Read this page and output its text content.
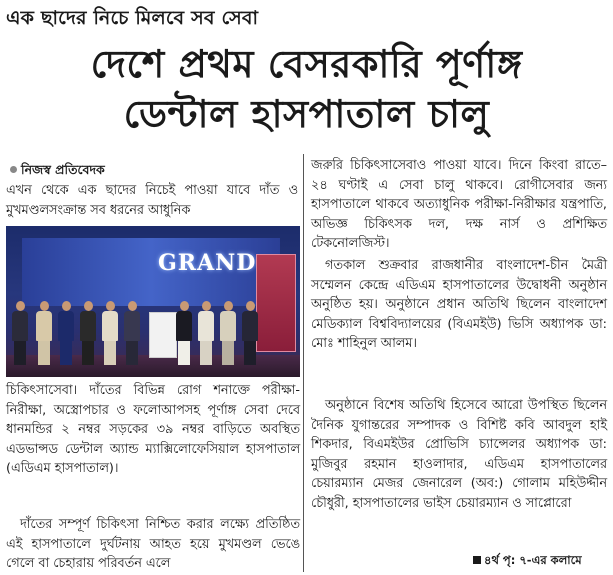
এক ছাদের নিচে মিলবে সব সেবা
দেশে প্রথম বেসরকারি পূর্ণাঙ্গ
ডেন্টাল হাসপাতাল চালু
নিজস্ব প্রতিবেদক

এখন থেকে এক ছাদের নিচেই পাওয়া যাবে দাঁত ও মুখমণ্ডলসংক্রান্ত সব ধরনের আধুনিক

GRAND

চিকিৎসাসেবা। দাঁতের বিভিন্ন রোগ শনাক্তে পরীক্ষা-নিরীক্ষা, অস্ত্রোপচার ও ফলোআপসহ পূর্ণাঙ্গ সেবা দেবে ধানমন্ডির ২ নম্বর সড়কের ৩৯ নম্বর বাড়িতে অবস্থিত এডভান্সড ডেন্টাল অ্যান্ড ম্যাক্সিলোফেসিয়াল হাসপাতাল (এডিএম হাসপাতাল)।

দাঁতের সম্পূর্ণ চিকিৎসা নিশ্চিত করার লক্ষ্যে প্রতিষ্ঠিত এই হাসপাতালে দুর্ঘটনায় আহত হয়ে মুখমণ্ডল ভেঙে গেলে বা চেহারায় পরিবর্তন এলে

জরুরি চিকিৎসাসেবাও পাওয়া যাবে। দিনে কিংবা রাতে– ২৪ ঘণ্টাই এ সেবা চালু থাকবে। রোগীসেবার জন্য হাসপাতালে থাকবে অত্যাধুনিক পরীক্ষা-নিরীক্ষার যন্ত্রপাতি, অভিজ্ঞ চিকিৎসক দল, দক্ষ নার্স ও প্রশিক্ষিত টেকনোলজিস্ট।

গতকাল শুক্রবার রাজধানীর বাংলাদেশ-চীন মৈত্রী সম্মেলন কেন্দ্রে এডিএম হাসপাতালের উদ্বোধনী অনুষ্ঠান অনুষ্ঠিত হয়। অনুষ্ঠানে প্রধান অতিথি ছিলেন বাংলাদেশ মেডিক্যাল বিশ্ববিদ্যালয়ের (বিএমইউ) ভিসি অধ্যাপক ডা: মোঃ শাহিনুল আলম।

অনুষ্ঠানে বিশেষ অতিথি হিসেবে আরো উপস্থিত ছিলেন দৈনিক যুগান্তরের সম্পাদক ও বিশিষ্ট কবি আবদুল হাই শিকদার, বিএমইউর প্রোভিসি চ্যান্সেলর অধ্যাপক ডা: মুজিবুর রহমান হাওলাদার, এডিএম হাসপাতালের চেয়ারম্যান মেজর জেনারেল (অব:) গোলাম মহিউদ্দীন চৌধুরী, হাসপাতালের ভাইস চেয়ারম্যান ও সাপ্লোরো

৪র্থ পৃ: ৭-এর কলামে
